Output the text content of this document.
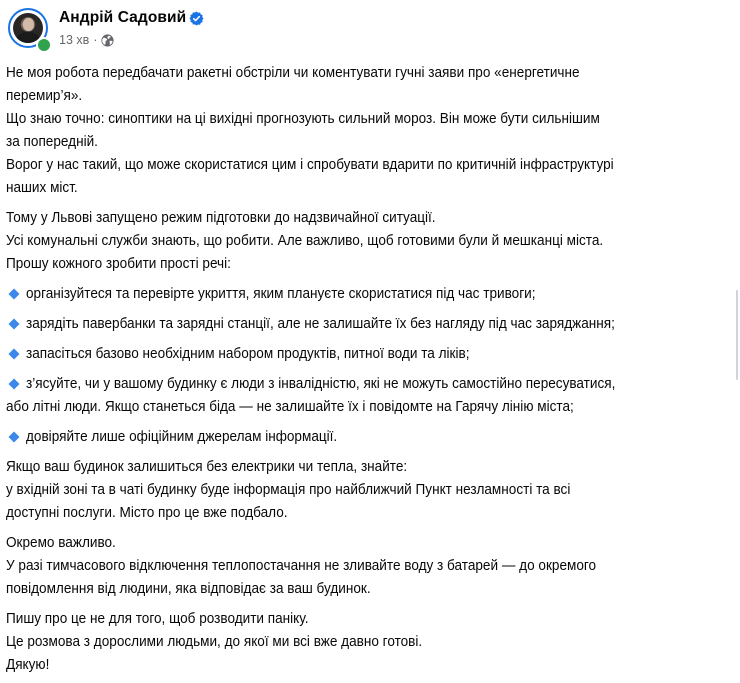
Андрій Садовий
13 хв ·
Не моя робота передбачати ракетні обстріли чи коментувати гучні заяви про «енергетичне
перемир’я».
Що знаю точно: синоптики на ці вихідні прогнозують сильний мороз. Він може бути сильнішим
за попередній.
Ворог у нас такий, що може скористатися цим і спробувати вдарити по критичній інфраструктурі
наших міст.
Тому у Львові запущено режим підготовки до надзвичайної ситуації.
Усі комунальні служби знають, що робити. Але важливо, щоб готовими були й мешканці міста.
Прошу кожного зробити прості речі:
організуйтеся та перевірте укриття, яким плануєте скористатися під час тривоги;
зарядіть павербанки та зарядні станції, але не залишайте їх без нагляду під час заряджання;
запасіться базово необхідним набором продуктів, питної води та ліків;
з’ясуйте, чи у вашому будинку є люди з інвалідністю, які не можуть самостійно пересуватися,
або літні люди. Якщо станеться біда — не залишайте їх і повідомте на Гарячу лінію міста;
довіряйте лише офіційним джерелам інформації.
Якщо ваш будинок залишиться без електрики чи тепла, знайте:
у вхідній зоні та в чаті будинку буде інформація про найближчий Пункт незламності та всі
доступні послуги. Місто про це вже подбало.
Окремо важливо.
У разі тимчасового відключення теплопостачання не зливайте воду з батарей — до окремого
повідомлення від людини, яка відповідає за ваш будинок.
Пишу про це не для того, щоб розводити паніку.
Це розмова з дорослими людьми, до якої ми всі вже давно готові.
Дякую!
